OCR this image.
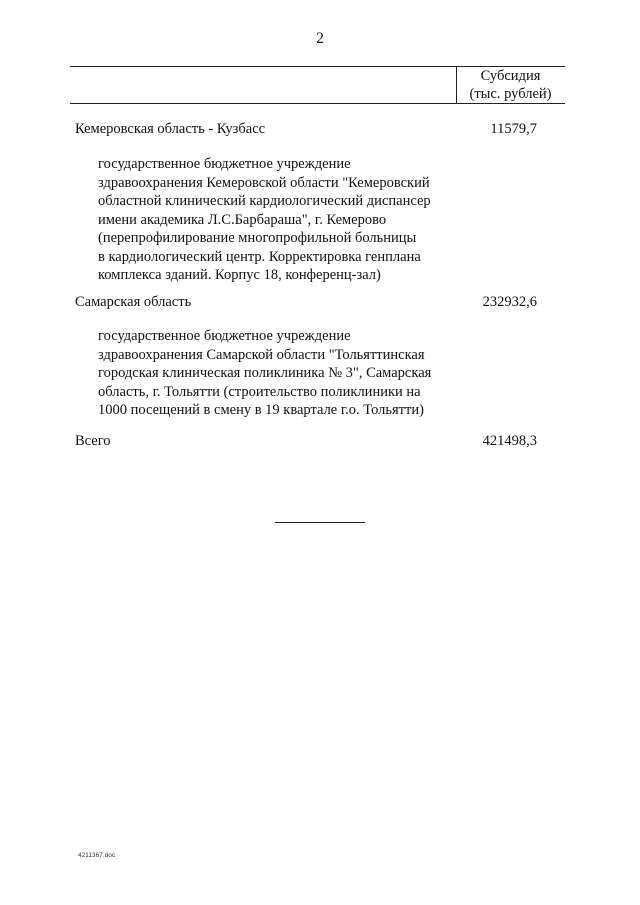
2
Субсидия
(тыс. рублей)
Кемеровская область - Кузбасс	11579,7
государственное бюджетное учреждение
здравоохранения Кемеровской области "Кемеровский
областной клинический кардиологический диспансер
имени академика Л.С.Барбараша", г. Кемерово
(перепрофилирование многопрофильной больницы
в кардиологический центр. Корректировка генплана
комплекса зданий. Корпус 18, конференц-зал)
Самарская область	232932,6
государственное бюджетное учреждение
здравоохранения Самарской области "Тольяттинская
городская клиническая поликлиника № 3", Самарская
область, г. Тольятти (строительство поликлиники на
1000 посещений в смену в 19 квартале г.о. Тольятти)
Всего	421498,3
4211367.doc
